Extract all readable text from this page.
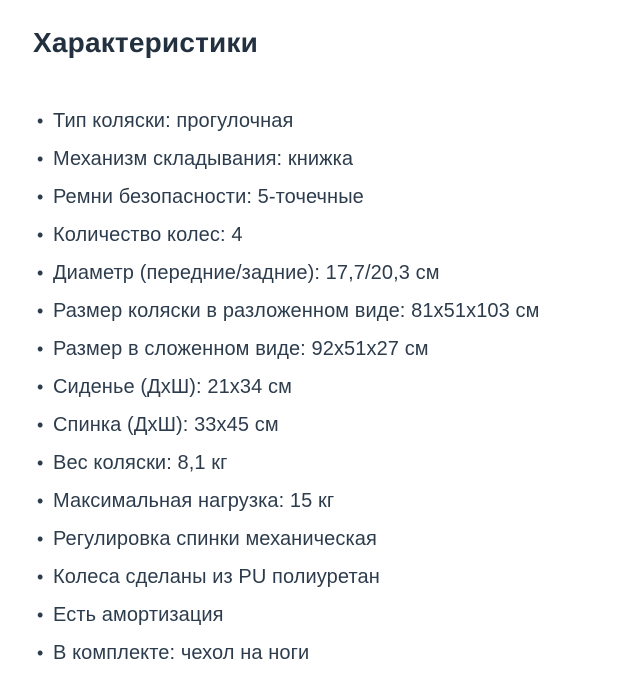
Характеристики
• Тип коляски: прогулочная
• Механизм складывания: книжка
• Ремни безопасности: 5-точечные
• Количество колес: 4
• Диаметр (передние/задние): 17,7/20,3 см
• Размер коляски в разложенном виде: 81х51х103 см
• Размер в сложенном виде: 92х51х27 см
• Сиденье (ДхШ): 21х34 см
• Спинка (ДхШ): 33х45 см
• Вес коляски: 8,1 кг
• Максимальная нагрузка: 15 кг
• Регулировка спинки механическая
• Колеса сделаны из PU полиуретан
• Есть амортизация
• В комплекте: чехол на ноги
